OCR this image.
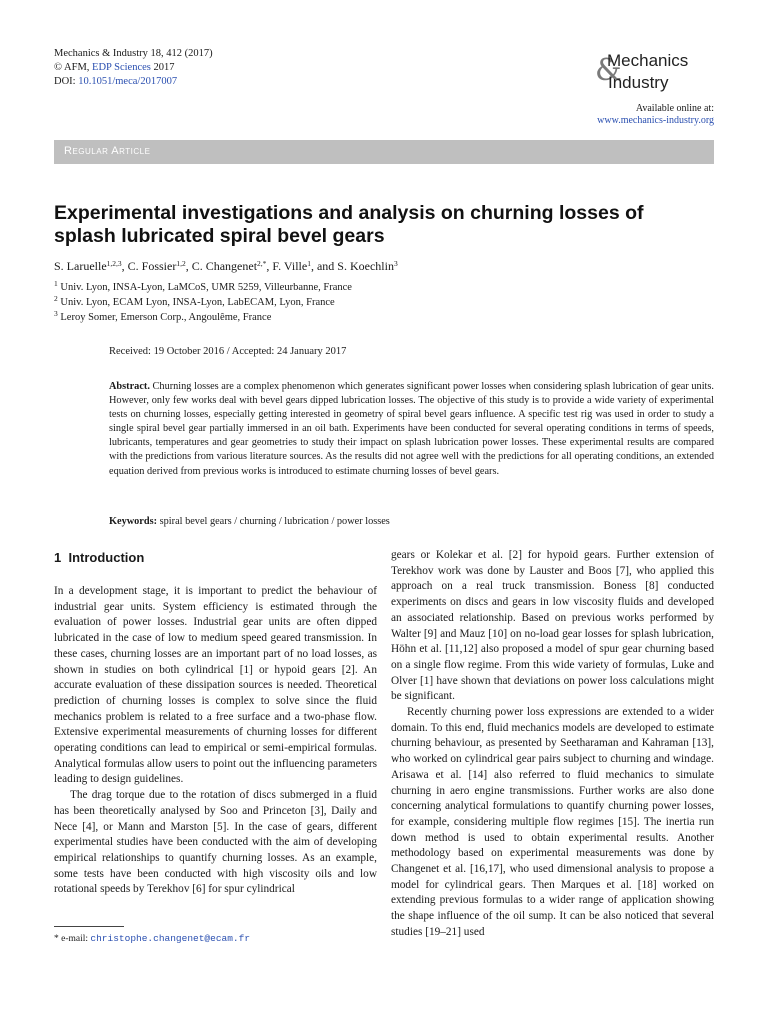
Mechanics & Industry 18, 412 (2017)
© AFM, EDP Sciences 2017
DOI: 10.1051/meca/2017007	&
Mechanics
Industry
Available online at:
www.mechanics-industry.org
Regular Article
Experimental investigations and analysis on churning losses of splash lubricated spiral bevel gears
S. Laruelle$^{1,2,3}$, C. Fossier$^{1,2}$, C. Changenet$^{2,*}$, F. Ville$^1$, and S. Koechlin$^3$
$^1$ Univ. Lyon, INSA-Lyon, LaMCoS, UMR 5259, Villeurbanne, France
$^2$ Univ. Lyon, ECAM Lyon, INSA-Lyon, LabECAM, Lyon, France
$^3$ Leroy Somer, Emerson Corp., Angoulême, France
Received: 19 October 2016 / Accepted: 24 January 2017
Abstract. Churning losses are a complex phenomenon which generates significant power losses when considering splash lubrication of gear units. However, only few works deal with bevel gears dipped lubrication losses. The objective of this study is to provide a wide variety of experimental tests on churning losses, especially getting interested in geometry of spiral bevel gears influence. A specific test rig was used in order to study a single spiral bevel gear partially immersed in an oil bath. Experiments have been conducted for several operating conditions in terms of speeds, lubricants, temperatures and gear geometries to study their impact on splash lubrication power losses. These experimental results are compared with the predictions from various literature sources. As the results did not agree well with the predictions for all operating conditions, an extended equation derived from previous works is introduced to estimate churning losses of bevel gears.
Keywords: spiral bevel gears / churning / lubrication / power losses
1 Introduction

In a development stage, it is important to predict the behaviour of industrial gear units. System efficiency is estimated through the evaluation of power losses. Industrial gear units are often dipped lubricated in the case of low to medium speed geared transmission. In these cases, churning losses are an important part of no load losses, as shown in studies on both cylindrical [1] or hypoid gears [2]. An accurate evaluation of these dissipation sources is needed. Theoretical prediction of churning losses is complex to solve since the fluid mechanics problem is related to a free surface and a two-phase flow. Extensive experimental measurements of churning losses for different operating conditions can lead to empirical or semi-empirical formulas. Analytical formulas allow users to point out the influencing parameters leading to design guidelines.

The drag torque due to the rotation of discs submerged in a fluid has been theoretically analysed by Soo and Princeton [3], Daily and Nece [4], or Mann and Marston [5]. In the case of gears, different experimental studies have been conducted with the aim of developing empirical relationships to quantify churning losses. As an example, some tests have been conducted with high viscosity oils and low rotational speeds by Terekhov [6] for spur cylindrical

gears or Kolekar et al. [2] for hypoid gears. Further extension of Terekhov work was done by Lauster and Boos [7], who applied this approach on a real truck transmission. Boness [8] conducted experiments on discs and gears in low viscosity fluids and developed an associated relationship. Based on previous works performed by Walter [9] and Mauz [10] on no-load gear losses for splash lubrication, Höhn et al. [11,12] also proposed a model of spur gear churning based on a single flow regime. From this wide variety of formulas, Luke and Olver [1] have shown that deviations on power loss calculations might be significant.

Recently churning power loss expressions are extended to a wider domain. To this end, fluid mechanics models are developed to estimate churning behaviour, as presented by Seetharaman and Kahraman [13], who worked on cylindrical gear pairs subject to churning and windage. Arisawa et al. [14] also referred to fluid mechanics to simulate churning in aero engine transmissions. Further works are also done concerning analytical formulations to quantify churning power losses, for example, considering multiple flow regimes [15]. The inertia run down method is used to obtain experimental results. Another methodology based on experimental measurements was done by Changenet et al. [16,17], who used dimensional analysis to propose a model for cylindrical gears. Then Marques et al. [18] worked on extending previous formulas to a wider range of application showing the shape influence of the oil sump. It can be also noticed that several studies [19–21] used

* e-mail: christophe.changenet@ecam.fr
